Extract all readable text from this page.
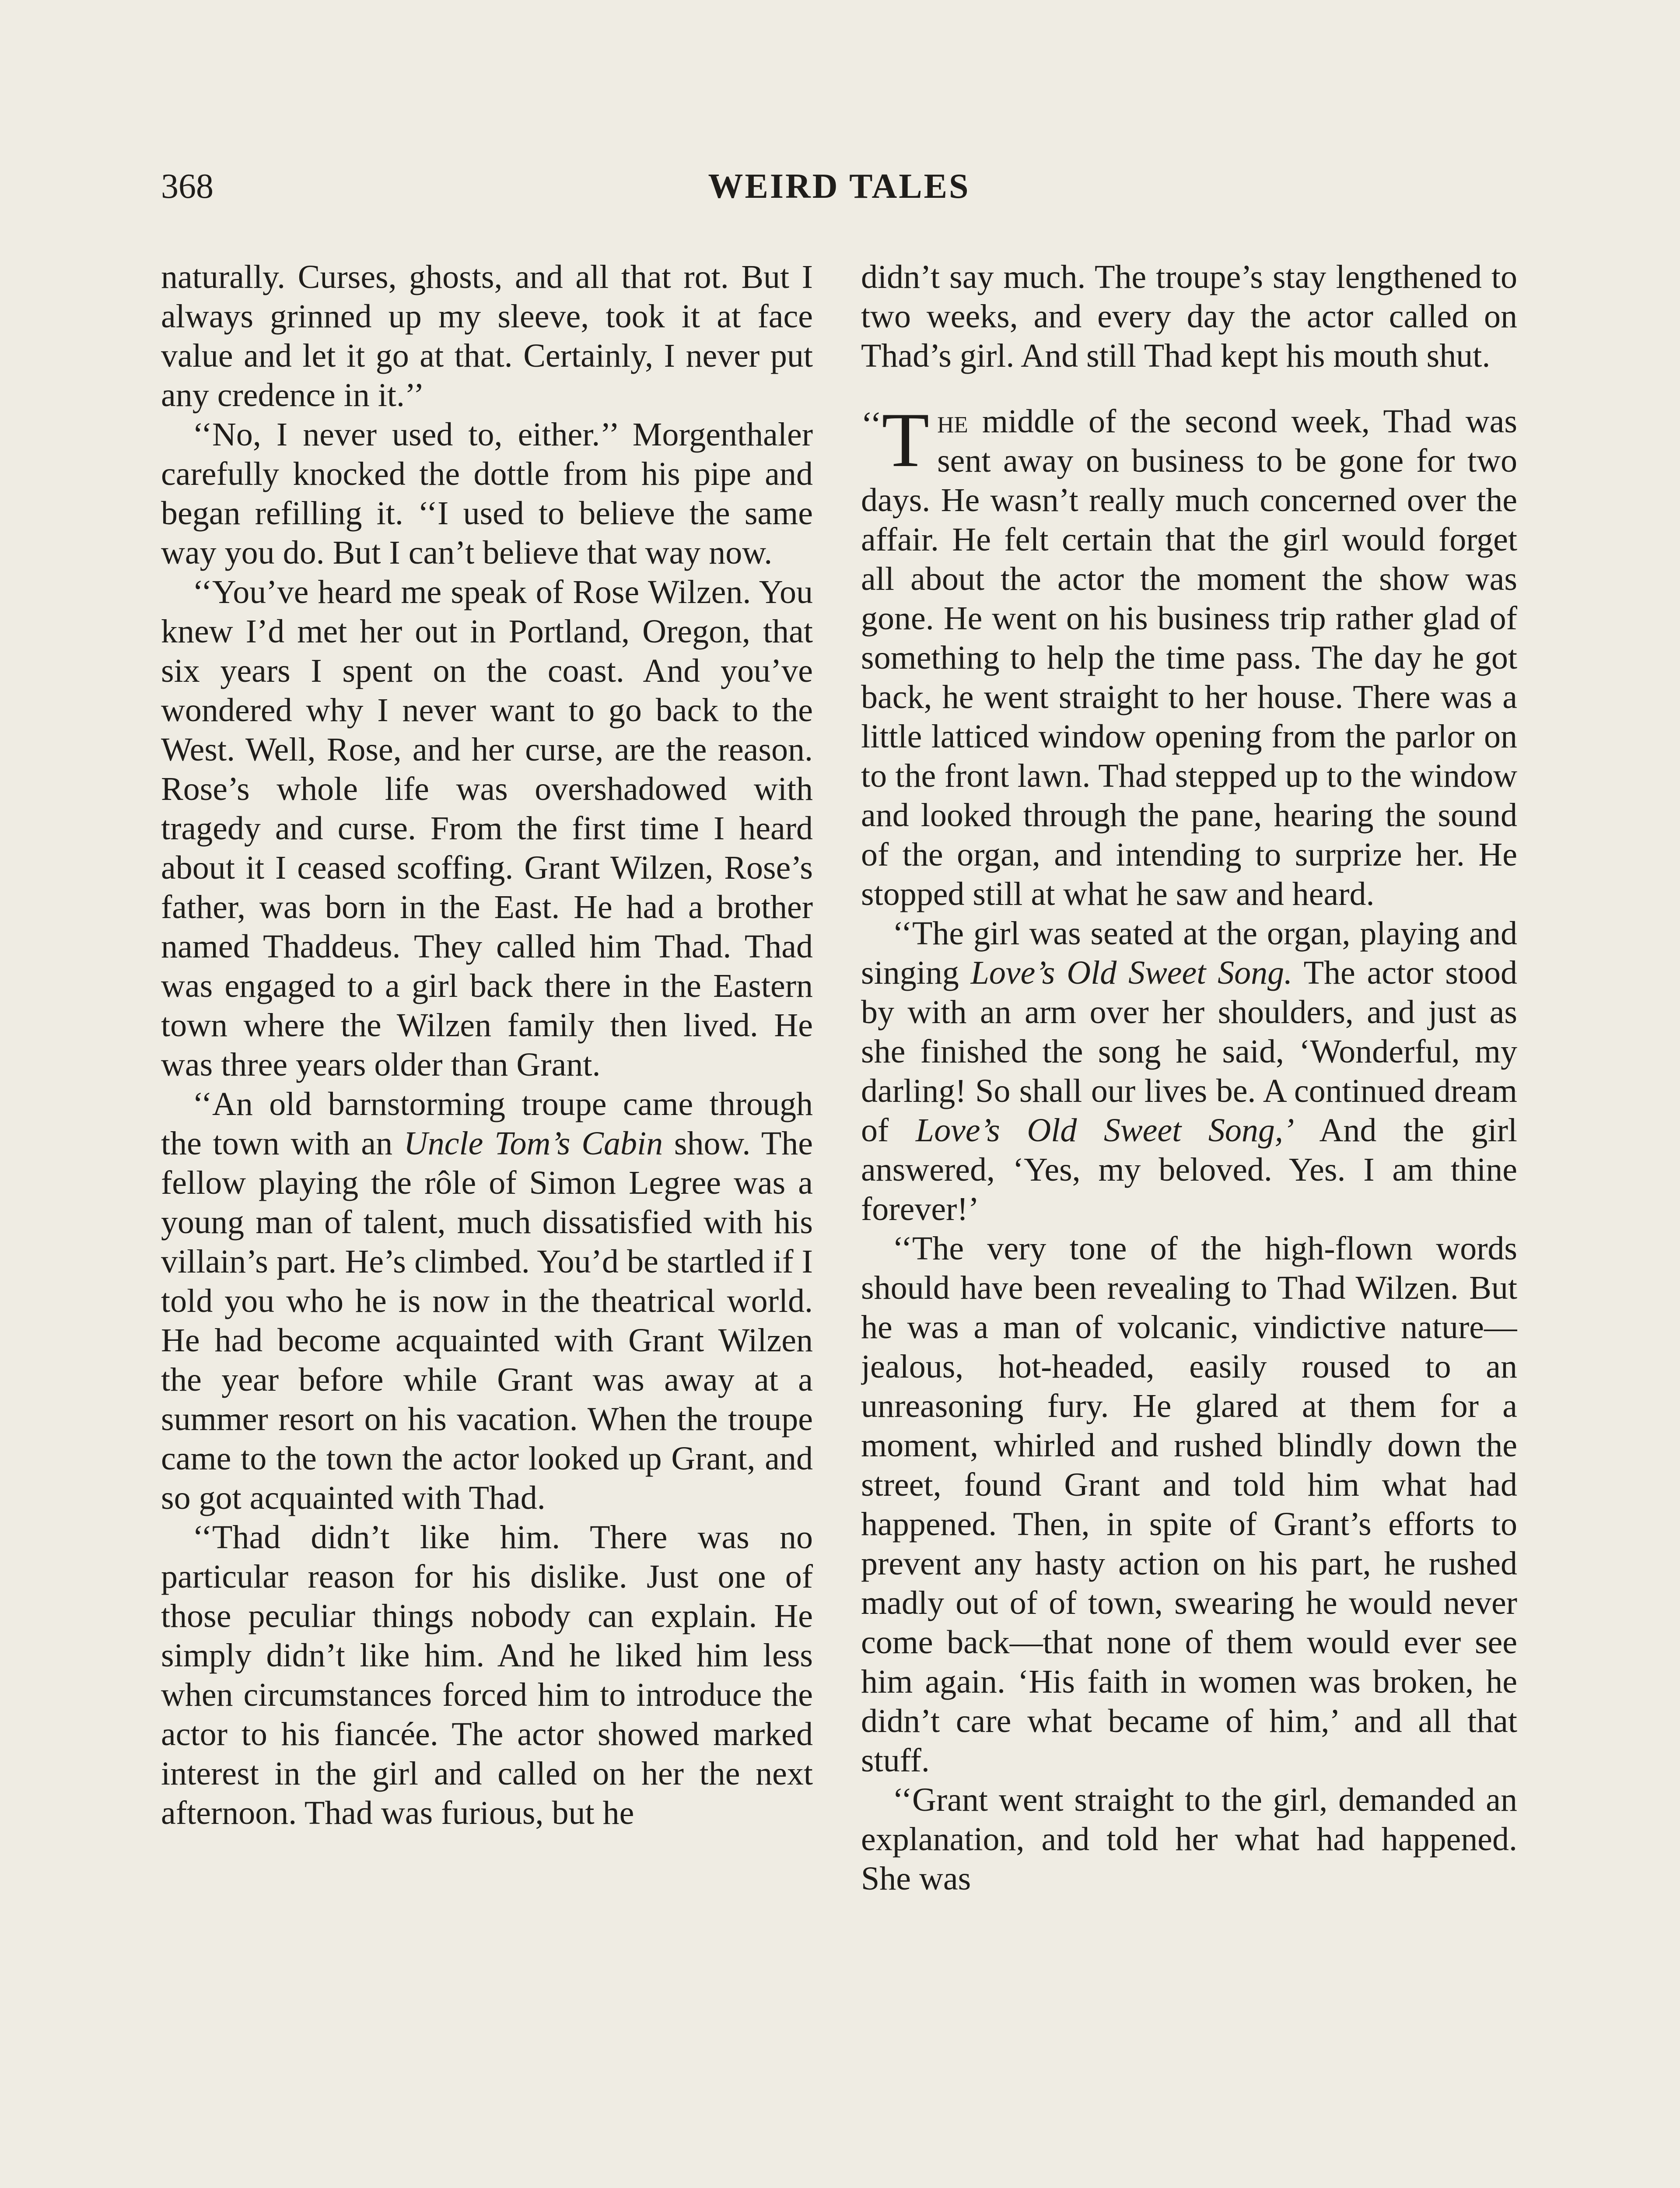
368	WEIRD TALES

naturally. Curses, ghosts, and all that rot. But I always grinned up my sleeve, took it at face value and let it go at that. Certainly, I never put any credence in it.’’

‘‘No, I never used to, either.’’ Morgenthaler carefully knocked the dottle from his pipe and began refilling it. ‘‘I used to believe the same way you do. But I can’t believe that way now.

‘‘You’ve heard me speak of Rose Wilzen. You knew I’d met her out in Portland, Oregon, that six years I spent on the coast. And you’ve wondered why I never want to go back to the West. Well, Rose, and her curse, are the reason. Rose’s whole life was overshadowed with tragedy and curse. From the first time I heard about it I ceased scoffing. Grant Wilzen, Rose’s father, was born in the East. He had a brother named Thaddeus. They called him Thad. Thad was engaged to a girl back there in the Eastern town where the Wilzen family then lived. He was three years older than Grant.

‘‘An old barnstorming troupe came through the town with an Uncle Tom’s Cabin show. The fellow playing the rôle of Simon Legree was a young man of talent, much dissatisfied with his villain’s part. He’s climbed. You’d be startled if I told you who he is now in the theatrical world. He had become acquainted with Grant Wilzen the year before while Grant was away at a summer resort on his vacation. When the troupe came to the town the actor looked up Grant, and so got acquainted with Thad.

‘‘Thad didn’t like him. There was no particular reason for his dislike. Just one of those peculiar things nobody can explain. He simply didn’t like him. And he liked him less when circumstances forced him to introduce the actor to his fiancée. The actor showed marked interest in the girl and called on her the next afternoon. Thad was furious, but he

didn’t say much. The troupe’s stay lengthened to two weeks, and every day the actor called on Thad’s girl. And still Thad kept his mouth shut.

‘‘T he middle of the second week, Thad was sent away on business to be gone for two days. He wasn’t really much concerned over the affair. He felt certain that the girl would forget all about the actor the moment the show was gone. He went on his business trip rather glad of something to help the time pass. The day he got back, he went straight to her house. There was a little latticed window opening from the parlor on to the front lawn. Thad stepped up to the window and looked through the pane, hearing the sound of the organ, and intending to surprize her. He stopped still at what he saw and heard.

‘‘The girl was seated at the organ, playing and singing Love’s Old Sweet Song. The actor stood by with an arm over her shoulders, and just as she finished the song he said, ‘Wonderful, my darling! So shall our lives be. A continued dream of Love’s Old Sweet Song,’ And the girl answered, ‘Yes, my beloved. Yes. I am thine forever!’

‘‘The very tone of the high-flown words should have been revealing to Thad Wilzen. But he was a man of volcanic, vindictive nature—jealous, hot-headed, easily roused to an unreasoning fury. He glared at them for a moment, whirled and rushed blindly down the street, found Grant and told him what had happened. Then, in spite of Grant’s efforts to prevent any hasty action on his part, he rushed madly out of of town, swearing he would never come back—that none of them would ever see him again. ‘His faith in women was broken, he didn’t care what became of him,’ and all that stuff.

‘‘Grant went straight to the girl, demanded an explanation, and told her what had happened. She was
